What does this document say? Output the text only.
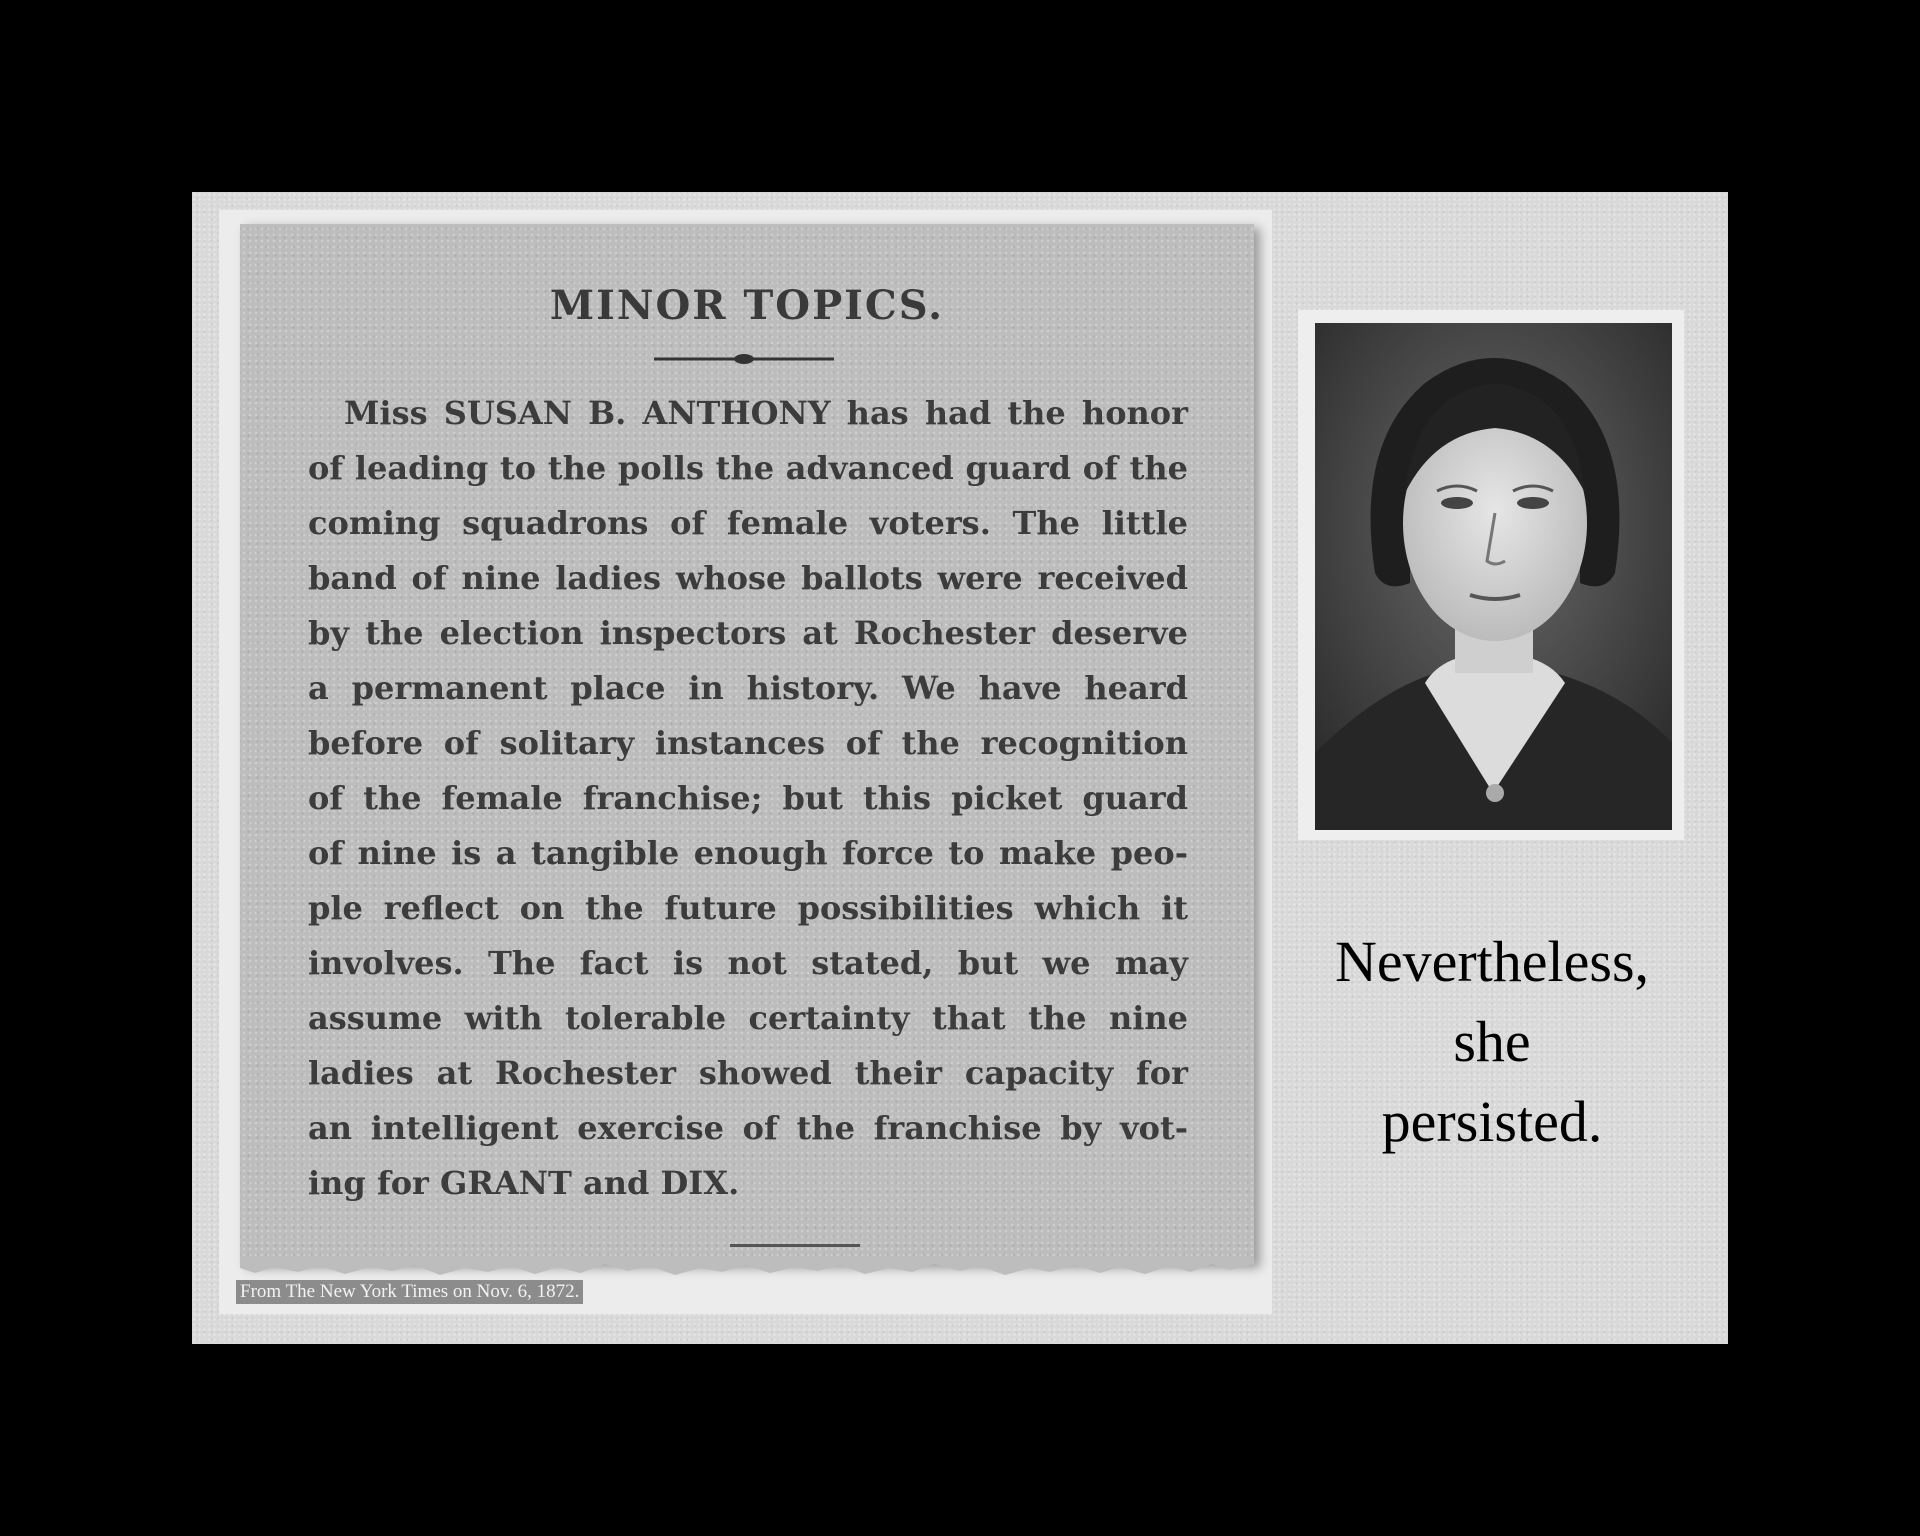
MINOR TOPICS.
Miss SUSAN B. ANTHONY has had the honor
of leading to the polls the advanced guard of the
coming squadrons of female voters. The little
band of nine ladies whose ballots were received
by the election inspectors at Rochester deserve
a permanent place in history. We have heard
before of solitary instances of the recognition
of the female franchise; but this picket guard
of nine is a tangible enough force to make peo-
ple reflect on the future possibilities which it
involves. The fact is not stated, but we may
assume with tolerable certainty that the nine
ladies at Rochester showed their capacity for
an intelligent exercise of the franchise by vot-
ing for GRANT and DIX.
From The New York Times on Nov. 6, 1872.
Nevertheless,
she
persisted.
